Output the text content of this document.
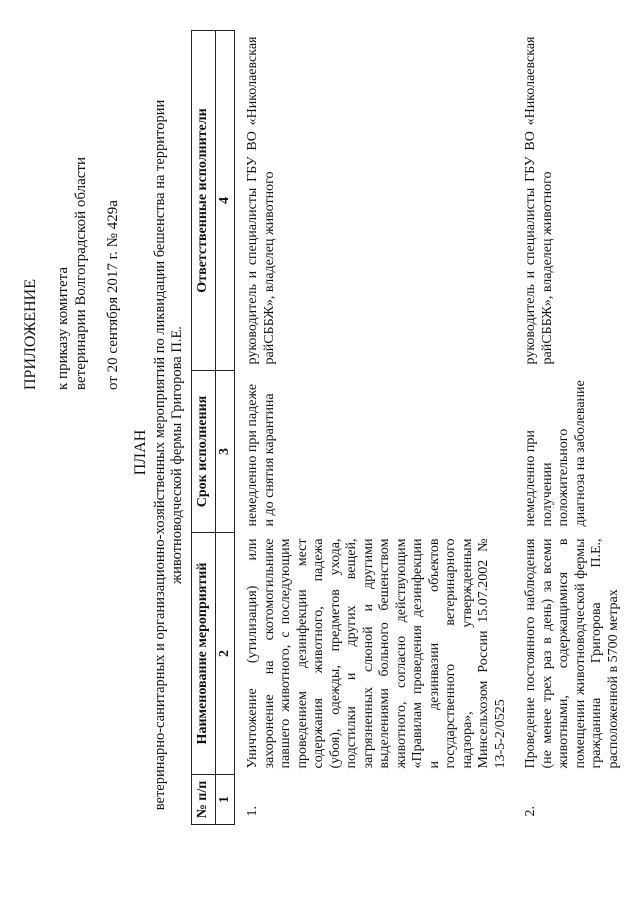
ПРИЛОЖЕНИЕ к приказу комитета ветеринарии Волгоградской области от 20 сентября 2017 г. № 429а
ПЛАН ветеринарно-санитарных и организационно-хозяйственных мероприятий по ликвидации бешенства на территории животноводческой фермы Григорова П.Е.
№ п/п	Наименование мероприятий	Срок исполнения	Ответственные исполнители
1	2	3	4
1.	Уничтожение (утилизация) или захоронение на скотомогильнике павшего животного, с последующим проведением дезинфекции мест содержания животного, падежа (убоя), одежды, предметов ухода, подстилки и других вещей, загрязненных слюной и другими выделениями больного бешенством животного, согласно действующим «Правилам проведения дезинфекции и дезинвазии объектов государственного ветеринарного надзора», утвержденным Минсельхозом России 15.07.2002 № 13-5-2/0525	немедленно при падеже и до снятия карантина	руководитель и специалисты ГБУ ВО «Николаевская райСББЖ», владелец животного

2.	Проведение постоянного наблюдения (не менее трех раз в день) за всеми животными, содержащимися в помещении животноводческой фермы гражданина Григорова П.Е., расположенной в 5700 метрах	немедленно при получении положительного диагноза на заболевание	руководитель и специалисты ГБУ ВО «Николаевская райСББЖ», владелец животного
